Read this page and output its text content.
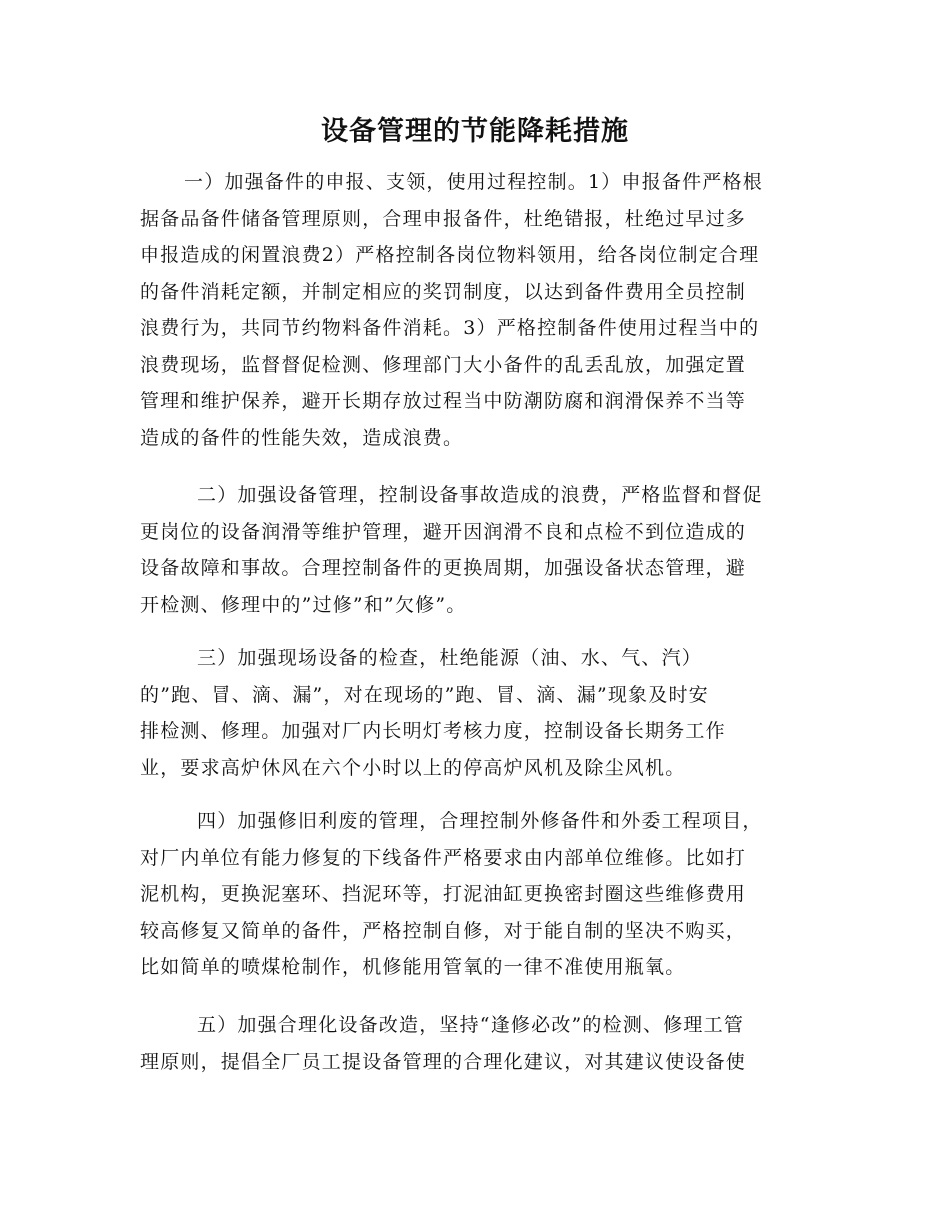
设备管理的节能降耗措施
一）加强备件的申报、支领，使用过程控制。1）申报备件严格根
据备品备件储备管理原则，合理申报备件，杜绝错报，杜绝过早过多
申报造成的闲置浪费2）严格控制各岗位物料领用，给各岗位制定合理
的备件消耗定额，并制定相应的奖罚制度，以达到备件费用全员控制
浪费行为，共同节约物料备件消耗。3）严格控制备件使用过程当中的
浪费现场，监督督促检测、修理部门大小备件的乱丢乱放，加强定置
管理和维护保养，避开长期存放过程当中防潮防腐和润滑保养不当等
造成的备件的性能失效，造成浪费。
二）加强设备管理，控制设备事故造成的浪费，严格监督和督促
更岗位的设备润滑等维护管理，避开因润滑不良和点检不到位造成的
设备故障和事故。合理控制备件的更换周期，加强设备状态管理，避
开检测、修理中的”过修”和”欠修”。
三）加强现场设备的检查，杜绝能源（油、水、气、汽）
的”跑、冒、滴、漏”，对在现场的”跑、冒、滴、漏”现象及时安
排检测、修理。加强对厂内长明灯考核力度，控制设备长期务工作
业，要求高炉休风在六个小时以上的停高炉风机及除尘风机。
四）加强修旧利废的管理，合理控制外修备件和外委工程项目，
对厂内单位有能力修复的下线备件严格要求由内部单位维修。比如打
泥机构，更换泥塞环、挡泥环等，打泥油缸更换密封圈这些维修费用
较高修复又简单的备件，严格控制自修，对于能自制的坚决不购买，
比如简单的喷煤枪制作，机修能用管氧的一律不准使用瓶氧。
五）加强合理化设备改造，坚持“逢修必改”的检测、修理工管
理原则，提倡全厂员工提设备管理的合理化建议，对其建议使设备使
